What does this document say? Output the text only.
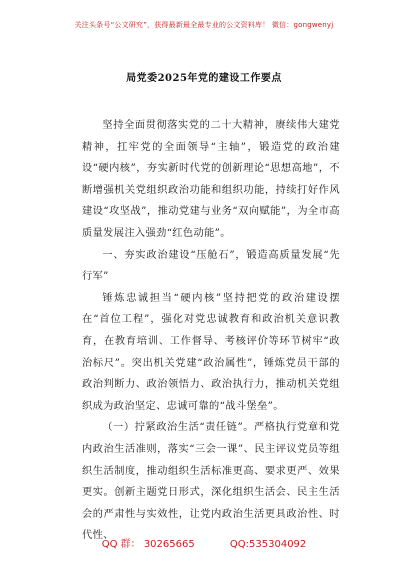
关注头条号“公文研究”，获得最新最全最专业的公文资料库！ 微信：gongwenyj
局党委2025年党的建设工作要点

坚持全面贯彻落实党的二十大精神，赓续伟大建党精神，扛牢党的全面领导“主轴”，锻造党的政治建设“硬内核”，夯实新时代党的创新理论“思想高地”，不断增强机关党组织政治功能和组织功能，持续打好作风建设“攻坚战”，推动党建与业务“双向赋能”，为全市高质量发展注入强劲“红色动能”。

一、夯实政治建设“压舱石”，锻造高质量发展“先行军”

锤炼忠诚担当“硬内核”坚持把党的政治建设摆在“首位工程”，强化对党忠诚教育和政治机关意识教育，在教育培训、工作督导、考核评价等环节树牢“政治标尺”。突出机关党建“政治属性”，锤炼党员干部的政治判断力、政治领悟力、政治执行力，推动机关党组织成为政治坚定、忠诚可靠的“战斗堡垒”。

（一）拧紧政治生活“责任链”。严格执行党章和党内政治生活准则，落实“三会一课”、民主评议党员等组织生活制度，推动组织生活标准更高、要求更严、效果更实。创新主题党日形式，深化组织生活会、民主生活会的严肃性与实效性，让党内政治生活更具政治性、时代性、

QQ 群： 30265665	QQ:535304092
